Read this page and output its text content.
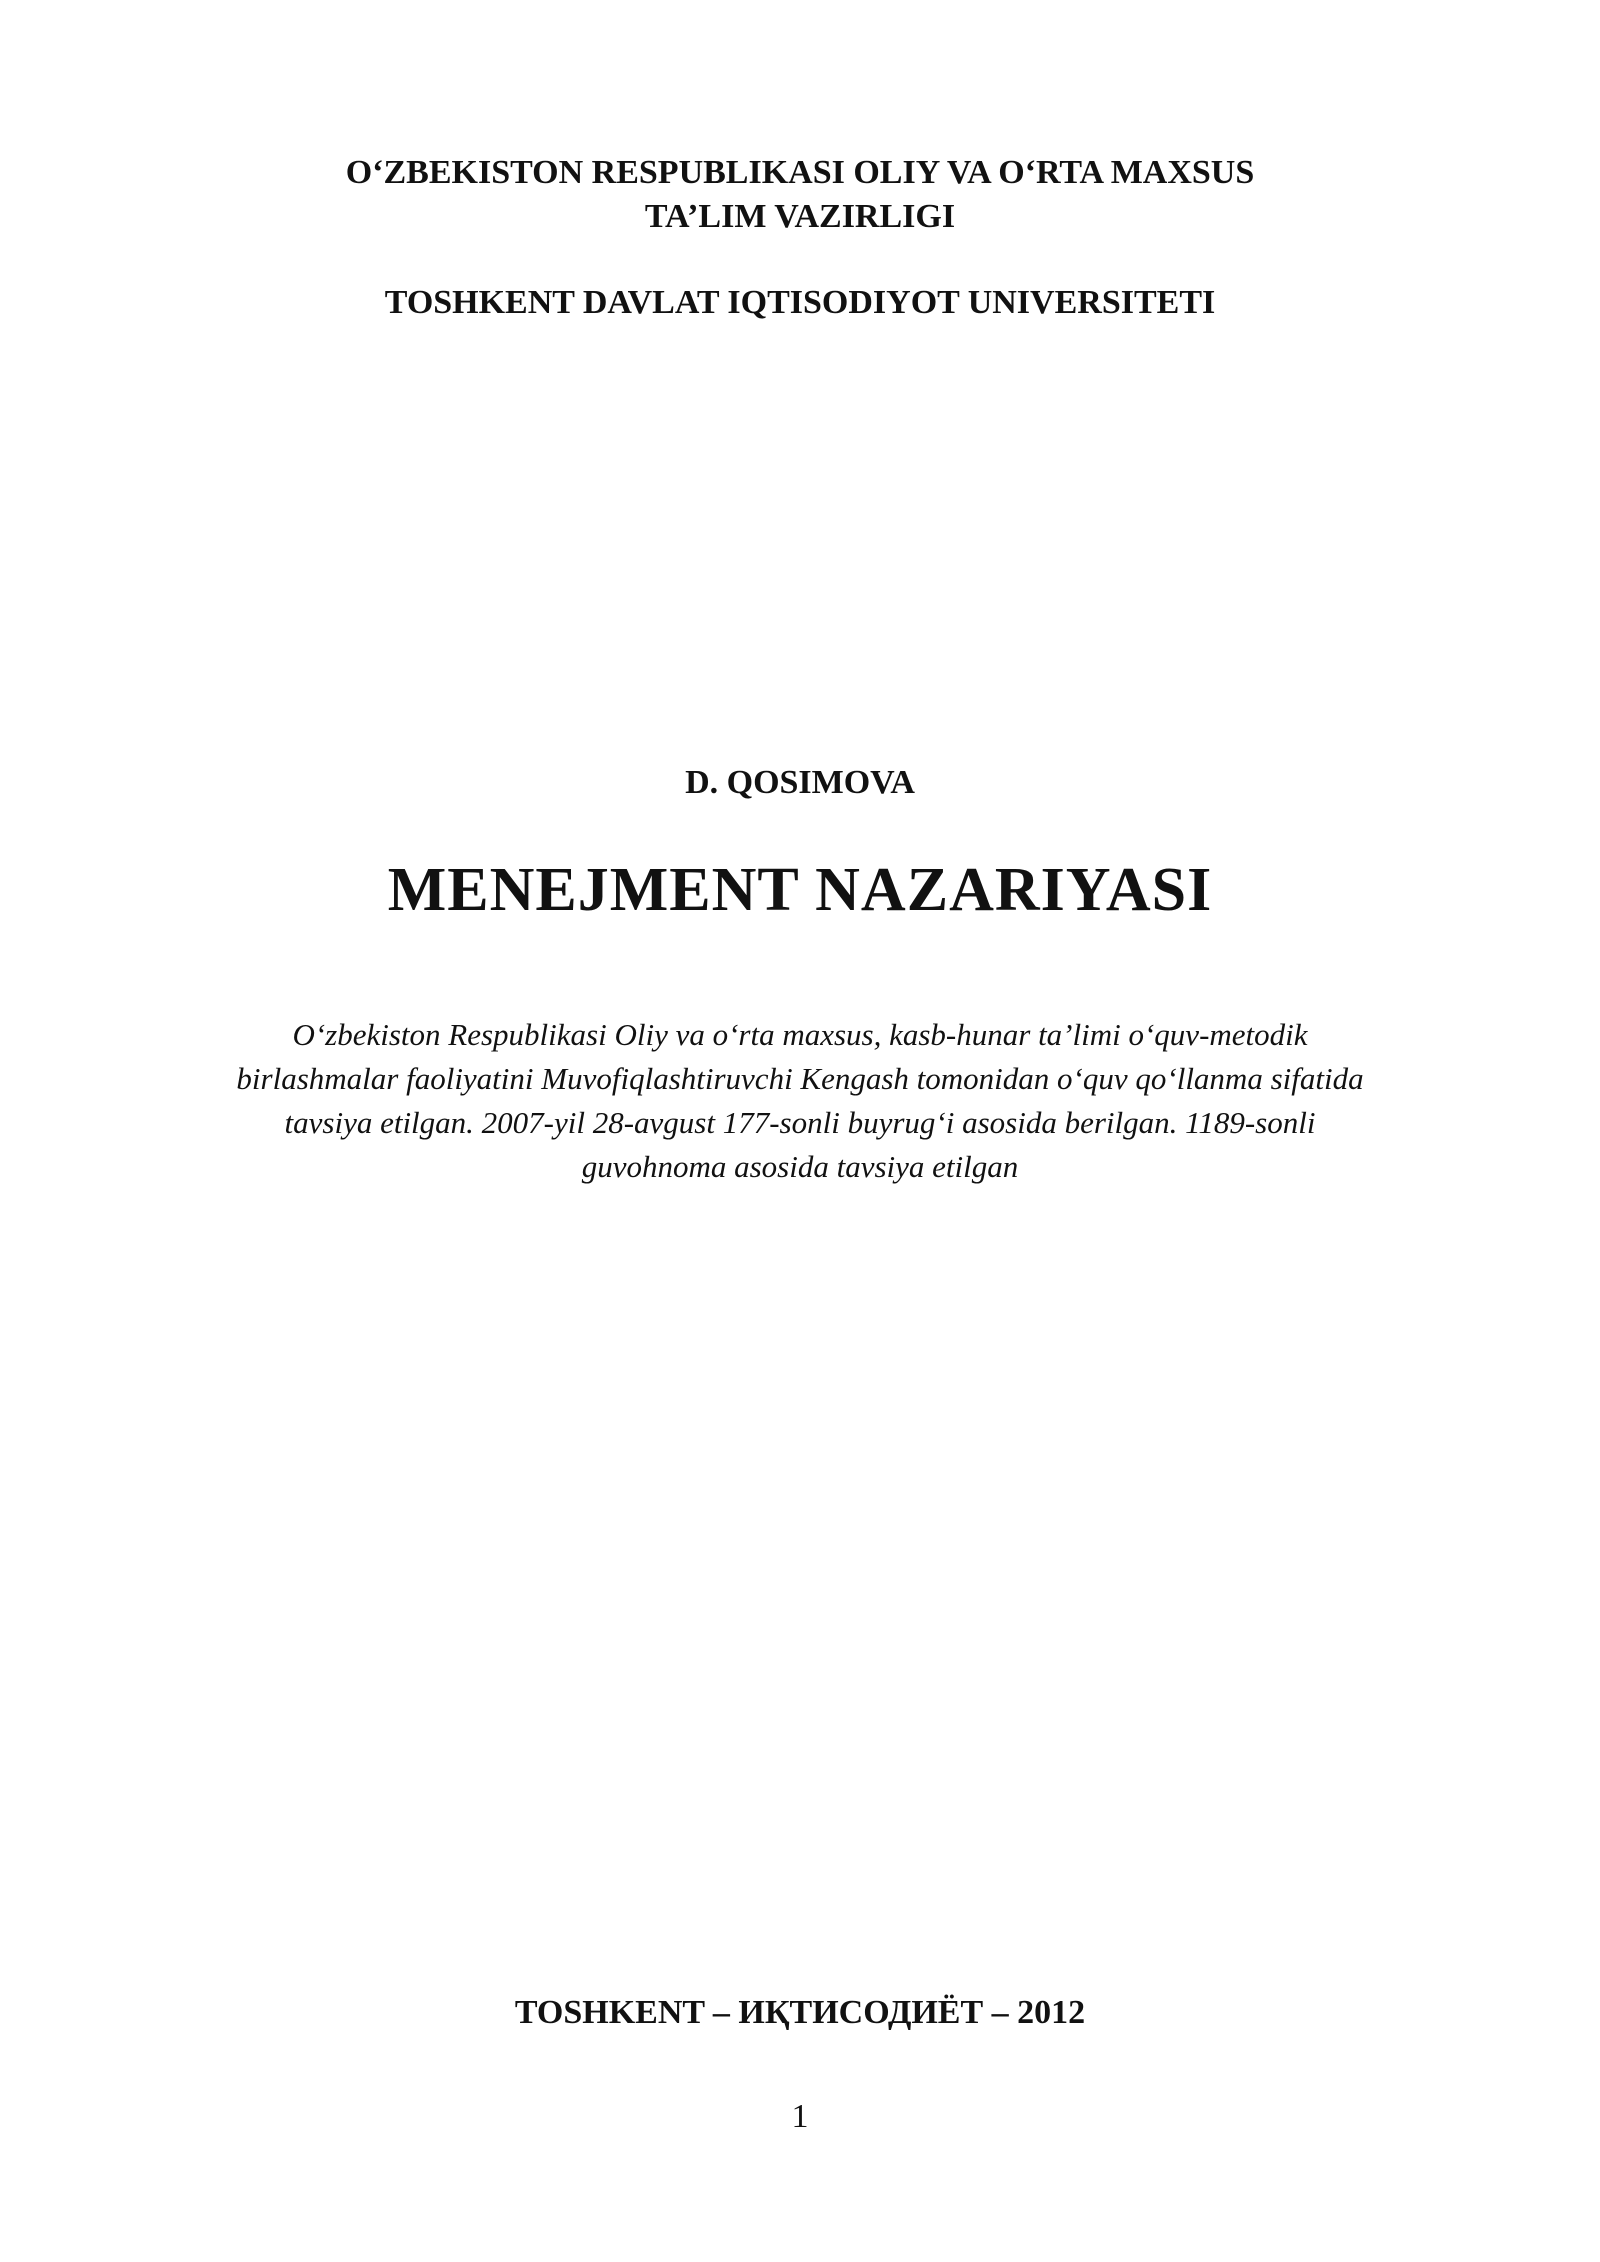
O‘ZBEKISTON RESPUBLIKASI OLIY VA O‘RTA MAXSUS
TA’LIM VAZIRLIGI
TOSHKENT DAVLAT IQTISODIYOT UNIVERSITETI
D. QOSIMOVA
MENEJMENT NAZARIYASI
O‘zbekiston Respublikasi Oliy va o‘rta maxsus, kasb-hunar ta’limi o‘quv-metodik
birlashmalar faoliyatini Muvofiqlashtiruvchi Kengash tomonidan o‘quv qo‘llanma sifatida
tavsiya etilgan. 2007-yil 28-avgust 177-sonli buyrug‘i asosida berilgan. 1189-sonli
guvohnoma asosida tavsiya etilgan
TOSHKENT – ИҚТИСОДИЁТ – 2012
1
